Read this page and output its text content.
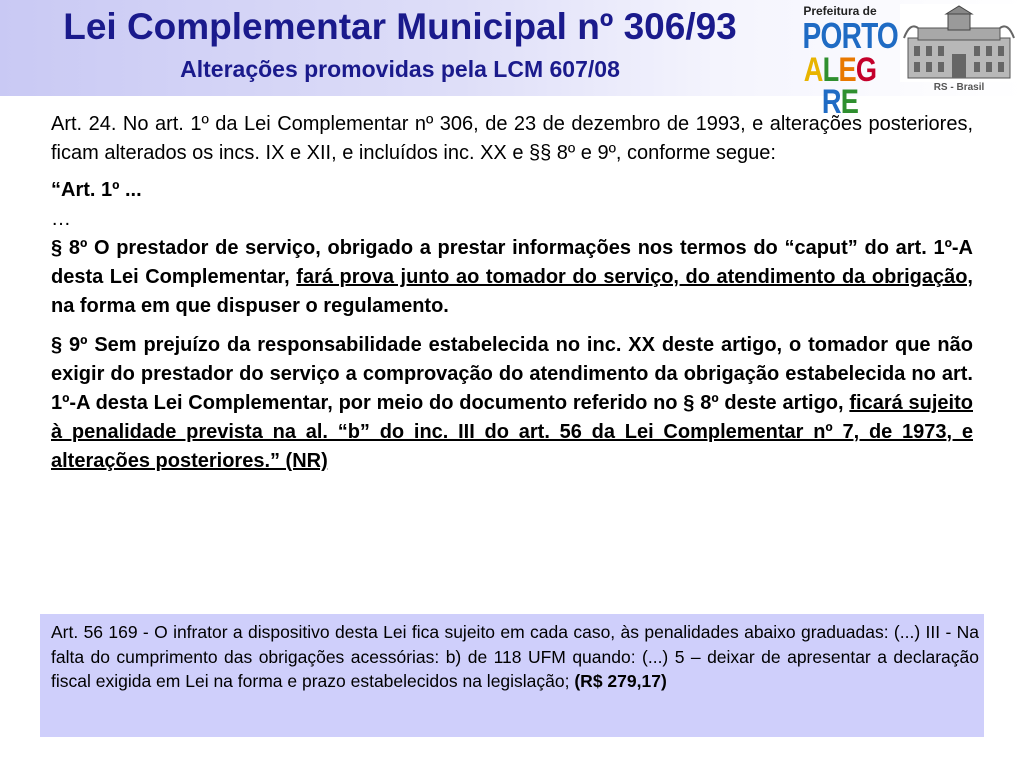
Lei Complementar Municipal nº 306/93
Alterações promovidas pela LCM 607/08
Prefeitura de
PORTO
ALEGRE	RS - Brasil

Art. 24. No art. 1º da Lei Complementar nº 306, de 23 de dezembro de 1993, e alterações posteriores, ficam alterados os incs. IX e XII, e incluídos inc. XX e §§ 8º e 9º, conforme segue:

“Art. 1º ...

…

§ 8º O prestador de serviço, obrigado a prestar informações nos termos do “caput” do art. 1º-A desta Lei Complementar, fará prova junto ao tomador do serviço, do atendimento da obrigação, na forma em que dispuser o regulamento.

§ 9º Sem prejuízo da responsabilidade estabelecida no inc. XX deste artigo, o tomador que não exigir do prestador do serviço a comprovação do atendimento da obrigação estabelecida no art. 1º-A desta Lei Complementar, por meio do documento referido no § 8º deste artigo, ficará sujeito à penalidade prevista na al. “b” do inc. III do art. 56 da Lei Complementar nº 7, de 1973, e alterações posteriores.” (NR)

Art. 56 169 - O infrator a dispositivo desta Lei fica sujeito em cada caso, às penalidades abaixo graduadas: (...) III - Na falta do cumprimento das obrigações acessórias: b) de 118 UFM quando: (...) 5 – deixar de apresentar a declaração fiscal exigida em Lei na forma e prazo estabelecidos na legislação; (R$ 279,17)
